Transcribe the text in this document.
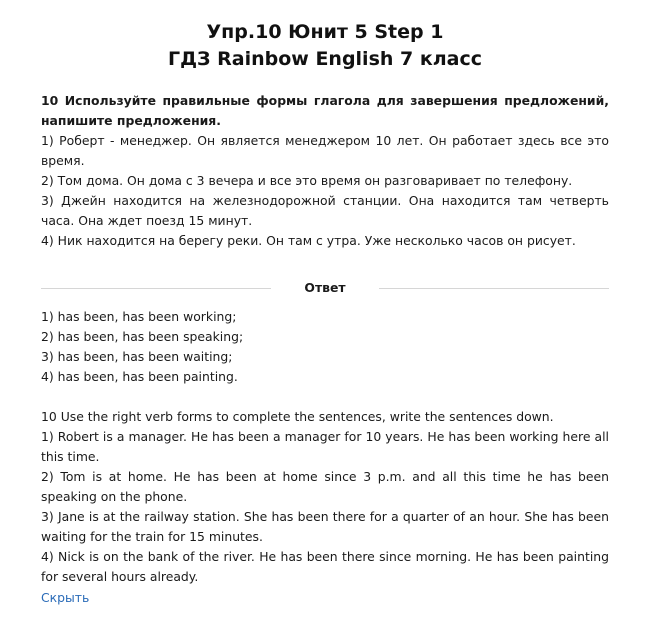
Упр.10 Юнит 5 Step 1
ГДЗ Rainbow English 7 класс

10 Используйте правильные формы глагола для завершения предложений, напишите предложения.

1) Роберт - менеджер. Он является менеджером 10 лет. Он работает здесь все это время.

2) Том дома. Он дома с 3 вечера и все это время он разговаривает по телефону.

3) Джейн находится на железнодорожной станции. Она находится там четверть часа. Она ждет поезд 15 минут.

4) Ник находится на берегу реки. Он там с утра. Уже несколько часов он рисует.

Ответ

1) has been, has been working;

2) has been, has been speaking;

3) has been, has been waiting;

4) has been, has been painting.

10 Use the right verb forms to complete the sentences, write the sentences down.

1) Robert is a manager. He has been a manager for 10 years. He has been working here all this time.

2) Tom is at home. He has been at home since 3 p.m. and all this time he has been speaking on the phone.

3) Jane is at the railway station. She has been there for a quarter of an hour. She has been waiting for the train for 15 minutes.

4) Nick is on the bank of the river. He has been there since morning. He has been painting for several hours already.

Скрыть
